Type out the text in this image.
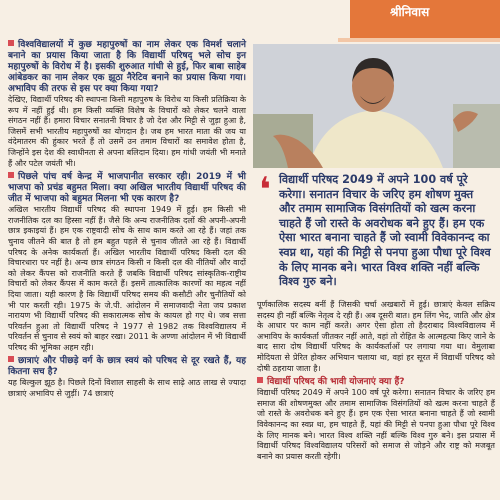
श्रीनिवास

विश्वविद्यालयों में कुछ महापुरुषों का नाम लेकर एक विमर्श चलाने बनाने का प्रयास किया जाता है कि विद्यार्थी परिषद् भले सोच इन महापुरुषों के विरोध में है। इसकी शुरुआत गांधी से हुई, फिर बाबा साहेब आंबेडकर का नाम लेकर एक झूठा नैरेटिव बनाने का प्रयास किया गया। अभाविप की तरफ से इस पर क्या किया गया?

देखिए, विद्यार्थी परिषद की स्थापना किसी महापुरुष के विरोध या किसी प्रतिक्रिया के रूप में नहीं हुई थी। हम किसी व्यक्ति विशेष के विचारों को लेकर चलने वाला संगठन नहीं हैं। हमारा विचार सनातनी विचार है जो देश और मिट्टी से जुड़ा हुआ है, जिसमें सभी भारतीय महापुरुषों का योगदान है। जब हम भारत माता की जय या वंदेमातरम की हुंकार भरते हैं तो उसमें उन तमाम विचारों का समावेश होता है, जिन्होंने इस देश की स्वाधीनता से अपना बलिदान दिया। हम गांधी जयंती भी मनाते हैं और पटेल जयंती भी।

पिछले पांच वर्ष केन्द्र में भाजपानीत सरकार रही। 2019 में भी भाजपा को प्रचंड बहुमत मिला। क्या अखिल भारतीय विद्यार्थी परिषद की जीत में भाजपा को बहुमत मिलना भी एक कारण है?

अखिल भारतीय विद्यार्थी परिषद की स्थापना 1949 में हुई। हम किसी भी राजनीतिक दल का हिस्सा नहीं हैं। जैसे कि अन्य राजनीतिक दलों की अपनी-अपनी छात्र इकाइयां हैं। हम एक राष्ट्रवादी सोच के साथ काम करते आ रहे हैं। जहां तक चुनाव जीतने की बात है तो हम बहुत पहले से चुनाव जीतते आ रहे हैं। विद्यार्थी परिषद के अनेक कार्यकर्ता हैं। अखिल भारतीय विद्यार्थी परिषद किसी दल की विचारधारा पर नहीं है। अन्य छात्र संगठन किसी न किसी दल की नीतियों और वादों को लेकर कैंपस को राजनीति करते हैं जबकि विद्यार्थी परिषद सांस्कृतिक-राष्ट्रीय विचारों को लेकर कैंपस में काम करते हैं। इसमें तात्कालिक कारणों का महत्व नहीं दिया जाता। यही कारण है कि विद्यार्थी परिषद समय की कसौटी और चुनौतियों को भी पार करती रही। 1975 के जे.पी. आंदोलन में समाजवादी नेता जय प्रकाश नारायण भी विद्यार्थी परिषद की सकारात्मक सोच के कायल हो गए थे। जब सत्ता परिवर्तन हुआ तो विद्यार्थी परिषद ने 1977 से 1982 तक विश्वविद्यालय में परिवर्तन से चुनाव से स्वयं को बाहर रखा। 2011 के अण्णा आंदोलन में भी विद्यार्थी परिषद की भूमिका अहम रही।

छात्राएं और पीछड़े वर्ग के छात्र स्वयं को परिषद से दूर रखते हैं, यह कितना सच है?

यह बिल्कुल झूठ है। पिछले दिनों विशाल साहसी के साथ साढ़े आठ लाख से ज्यादा छात्राएं अभाविप से जुड़ीं। 74 छात्राएं

❛ विद्यार्थी परिषद 2049 में अपने 100 वर्ष पूरे करेगा। सनातन विचार के जरिए हम शोषण मुक्त और तमाम सामाजिक विसंगतियों को खत्म करना चाहते हैं जो रास्ते के अवरोधक बने हुए हैं। हम एक ऐसा भारत बनाना चाहते हैं जो स्वामी विवेकानन्द का स्वप्न था, यहां की मिट्टी से पनपा हुआ पौधा पूरे विश्व के लिए मानक बने। भारत विश्व शक्ति नहीं बल्कि विश्व गुरु बने।

पूर्णकालिक सदस्य बनीं हैं जिसकी चर्चा अखबारों में हुई। छात्राएं केवल सक्रिय सदस्य ही नहीं बल्कि नेतृत्व दे रही हैं। अब दूसरी बात। हम लिंग भेद, जाति और क्षेत्र के आधार पर काम नहीं करते। अगर ऐसा होता तो हैदराबाद विश्वविद्यालय में अभाविप के कार्यकर्ता जीतकर नहीं आते, वहां तो रोहित के आत्महत्या किए जाने के बाद सारा दोष विद्यार्थी परिषद के कार्यकर्ताओं पर लगाया गया था। वेमुलाबा मोदियता से प्रेरित होकर अभियान चलाया था, वहां हर सूरत में विद्यार्थी परिषद को दोषी ठहराया जाता है।

विद्यार्थी परिषद की भावी योजनाएं क्या हैं?

विद्यार्थी परिषद 2049 में अपने 100 वर्ष पूरे करेगा। सनातन विचार के जरिए हम समाज की शोषणमुक्त और तमाम सामाजिक विसंगतियों को खत्म करना चाहते हैं जो रास्ते के अवरोधक बने हुए हैं। हम एक ऐसा भारत बनाना चाहते हैं जो स्वामी विवेकानन्द का स्वप्न था, हम चाहते हैं, यहां की मिट्टी से पनपा हुआ पौधा पूरे विश्व के लिए मानक बने। भारत विश्व शक्ति नहीं बल्कि विश्व गुरु बने। इस प्रयास में विद्यार्थी परिषद विश्वविद्यालय परिसरों को समाज से जोड़ने और राष्ट्र को मजबूत बनाने का प्रयास करती रहेगी।
